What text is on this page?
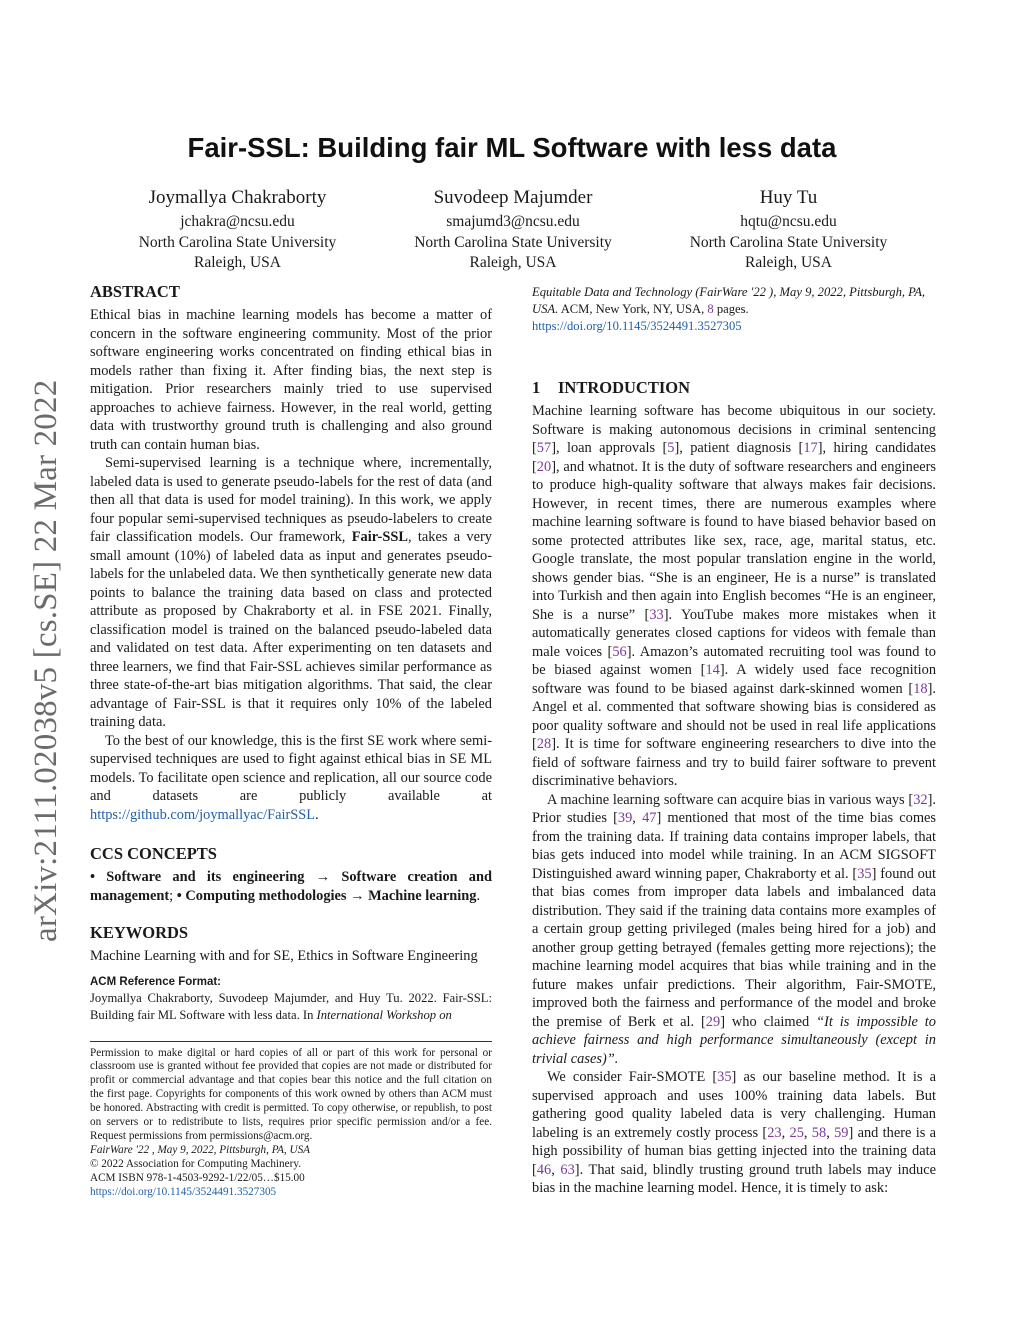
arXiv:2111.02038v5 [cs.SE] 22 Mar 2022
Fair-SSL: Building fair ML Software with less data
Joymallya Chakraborty
jchakra@ncsu.edu
North Carolina State University
Raleigh, USA
Suvodeep Majumder
smajumd3@ncsu.edu
North Carolina State University
Raleigh, USA
Huy Tu
hqtu@ncsu.edu
North Carolina State University
Raleigh, USA
ABSTRACT

Ethical bias in machine learning models has become a matter of concern in the software engineering community. Most of the prior software engineering works concentrated on finding ethical bias in models rather than fixing it. After finding bias, the next step is mitigation. Prior researchers mainly tried to use supervised approaches to achieve fairness. However, in the real world, getting data with trustworthy ground truth is challenging and also ground truth can contain human bias.

Semi-supervised learning is a technique where, incrementally, labeled data is used to generate pseudo-labels for the rest of data (and then all that data is used for model training). In this work, we apply four popular semi-supervised techniques as pseudo-labelers to create fair classification models. Our framework, Fair-SSL, takes a very small amount (10%) of labeled data as input and generates pseudo-labels for the unlabeled data. We then synthetically generate new data points to balance the training data based on class and protected attribute as proposed by Chakraborty et al. in FSE 2021. Finally, classification model is trained on the balanced pseudo-labeled data and validated on test data. After experimenting on ten datasets and three learners, we find that Fair-SSL achieves similar performance as three state-of-the-art bias mitigation algorithms. That said, the clear advantage of Fair-SSL is that it requires only 10% of the labeled training data.

To the best of our knowledge, this is the first SE work where semi-supervised techniques are used to fight against ethical bias in SE ML models. To facilitate open science and replication, all our source code and datasets are publicly available at https://github.com/joymallyac/FairSSL.

CCS CONCEPTS

• Software and its engineering → Software creation and management; • Computing methodologies → Machine learning.

KEYWORDS

Machine Learning with and for SE, Ethics in Software Engineering

ACM Reference Format:

Joymallya Chakraborty, Suvodeep Majumder, and Huy Tu. 2022. Fair-SSL: Building fair ML Software with less data. In International Workshop on

Permission to make digital or hard copies of all or part of this work for personal or classroom use is granted without fee provided that copies are not made or distributed for profit or commercial advantage and that copies bear this notice and the full citation on the first page. Copyrights for components of this work owned by others than ACM must be honored. Abstracting with credit is permitted. To copy otherwise, or republish, to post on servers or to redistribute to lists, requires prior specific permission and/or a fee. Request permissions from permissions@acm.org.

FairWare '22 , May 9, 2022, Pittsburgh, PA, USA

© 2022 Association for Computing Machinery.

ACM ISBN 978-1-4503-9292-1/22/05…$15.00

https://doi.org/10.1145/3524491.3527305

Equitable Data and Technology (FairWare '22 ), May 9, 2022, Pittsburgh, PA, USA. ACM, New York, NY, USA, 8 pages. https://doi.org/10.1145/3524491.3527305

1 INTRODUCTION

Machine learning software has become ubiquitous in our society. Software is making autonomous decisions in criminal sentencing [57], loan approvals [5], patient diagnosis [17], hiring candidates [20], and whatnot. It is the duty of software researchers and engineers to produce high-quality software that always makes fair decisions. However, in recent times, there are numerous examples where machine learning software is found to have biased behavior based on some protected attributes like sex, race, age, marital status, etc. Google translate, the most popular translation engine in the world, shows gender bias. “She is an engineer, He is a nurse” is translated into Turkish and then again into English becomes “He is an engineer, She is a nurse” [33]. YouTube makes more mistakes when it automatically generates closed captions for videos with female than male voices [56]. Amazon’s automated recruiting tool was found to be biased against women [14]. A widely used face recognition software was found to be biased against dark-skinned women [18]. Angel et al. commented that software showing bias is considered as poor quality software and should not be used in real life applications [28]. It is time for software engineering researchers to dive into the field of software fairness and try to build fairer software to prevent discriminative behaviors.

A machine learning software can acquire bias in various ways [32]. Prior studies [39, 47] mentioned that most of the time bias comes from the training data. If training data contains improper labels, that bias gets induced into model while training. In an ACM SIGSOFT Distinguished award winning paper, Chakraborty et al. [35] found out that bias comes from improper data labels and imbalanced data distribution. They said if the training data contains more examples of a certain group getting privileged (males being hired for a job) and another group getting betrayed (females getting more rejections); the machine learning model acquires that bias while training and in the future makes unfair predictions. Their algorithm, Fair-SMOTE, improved both the fairness and performance of the model and broke the premise of Berk et al. [29] who claimed “It is impossible to achieve fairness and high performance simultaneously (except in trivial cases)”.

We consider Fair-SMOTE [35] as our baseline method. It is a supervised approach and uses 100% training data labels. But gathering good quality labeled data is very challenging. Human labeling is an extremely costly process [23, 25, 58, 59] and there is a high possibility of human bias getting injected into the training data [46, 63]. That said, blindly trusting ground truth labels may induce bias in the machine learning model. Hence, it is timely to ask:
